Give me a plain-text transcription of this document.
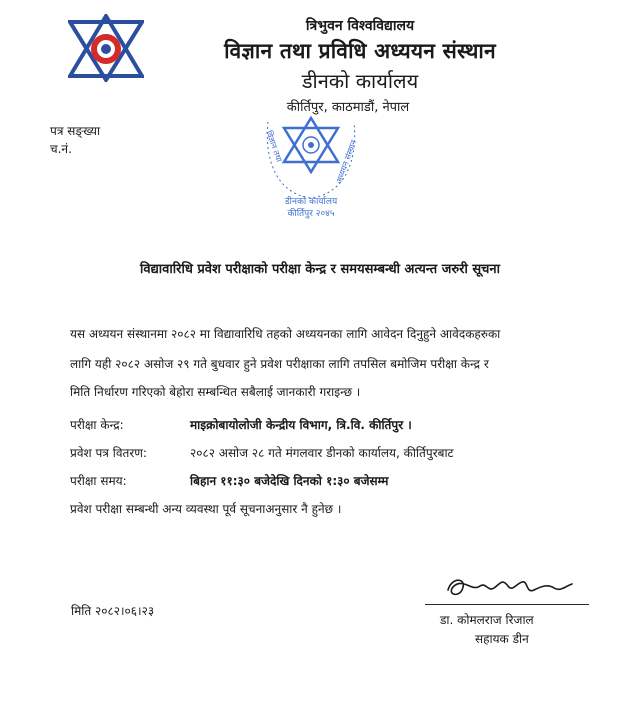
त्रिभुवन विश्वविद्यालय
विज्ञान तथा प्रविधि अध्ययन संस्थान
डीनको कार्यालय
कीर्तिपुर, काठमाडौं, नेपाल
पत्र सङ्ख्या
च.नं.	विज्ञान तथा	अध्ययन संस्थान
डीनको कार्यालय
कीर्तिपुर २०४५
विद्यावारिधि प्रवेश परीक्षाको परीक्षा केन्द्र र समयसम्बन्धी अत्यन्त जरुरी सूचना
यस अध्ययन संस्थानमा २०८२ मा विद्यावारिधि तहको अध्ययनका लागि आवेदन दिनुहुने आवेदकहरुका
लागि यही २०८२ असोज २९ गते बुधवार हुने प्रवेश परीक्षाका लागि तपसिल बमोजिम परीक्षा केन्द्र र
मिति निर्धारण गरिएको बेहोरा सम्बन्धित सबैलाई जानकारी गराइन्छ ।
परीक्षा केन्द्र:	माइक्रोबायोलोजी केन्द्रीय विभाग, त्रि.वि. कीर्तिपुर ।
प्रवेश पत्र वितरण:	२०८२ असोज २८ गते मंगलवार डीनको कार्यालय, कीर्तिपुरबाट
परीक्षा समय:	बिहान ११:३० बजेदेखि दिनको १:३० बजेसम्म
प्रवेश परीक्षा सम्बन्धी अन्य व्यवस्था पूर्व सूचनाअनुसार नै हुनेछ ।
मिति २०८२।०६।२३
डा. कोमलराज रिजाल
सहायक डीन
